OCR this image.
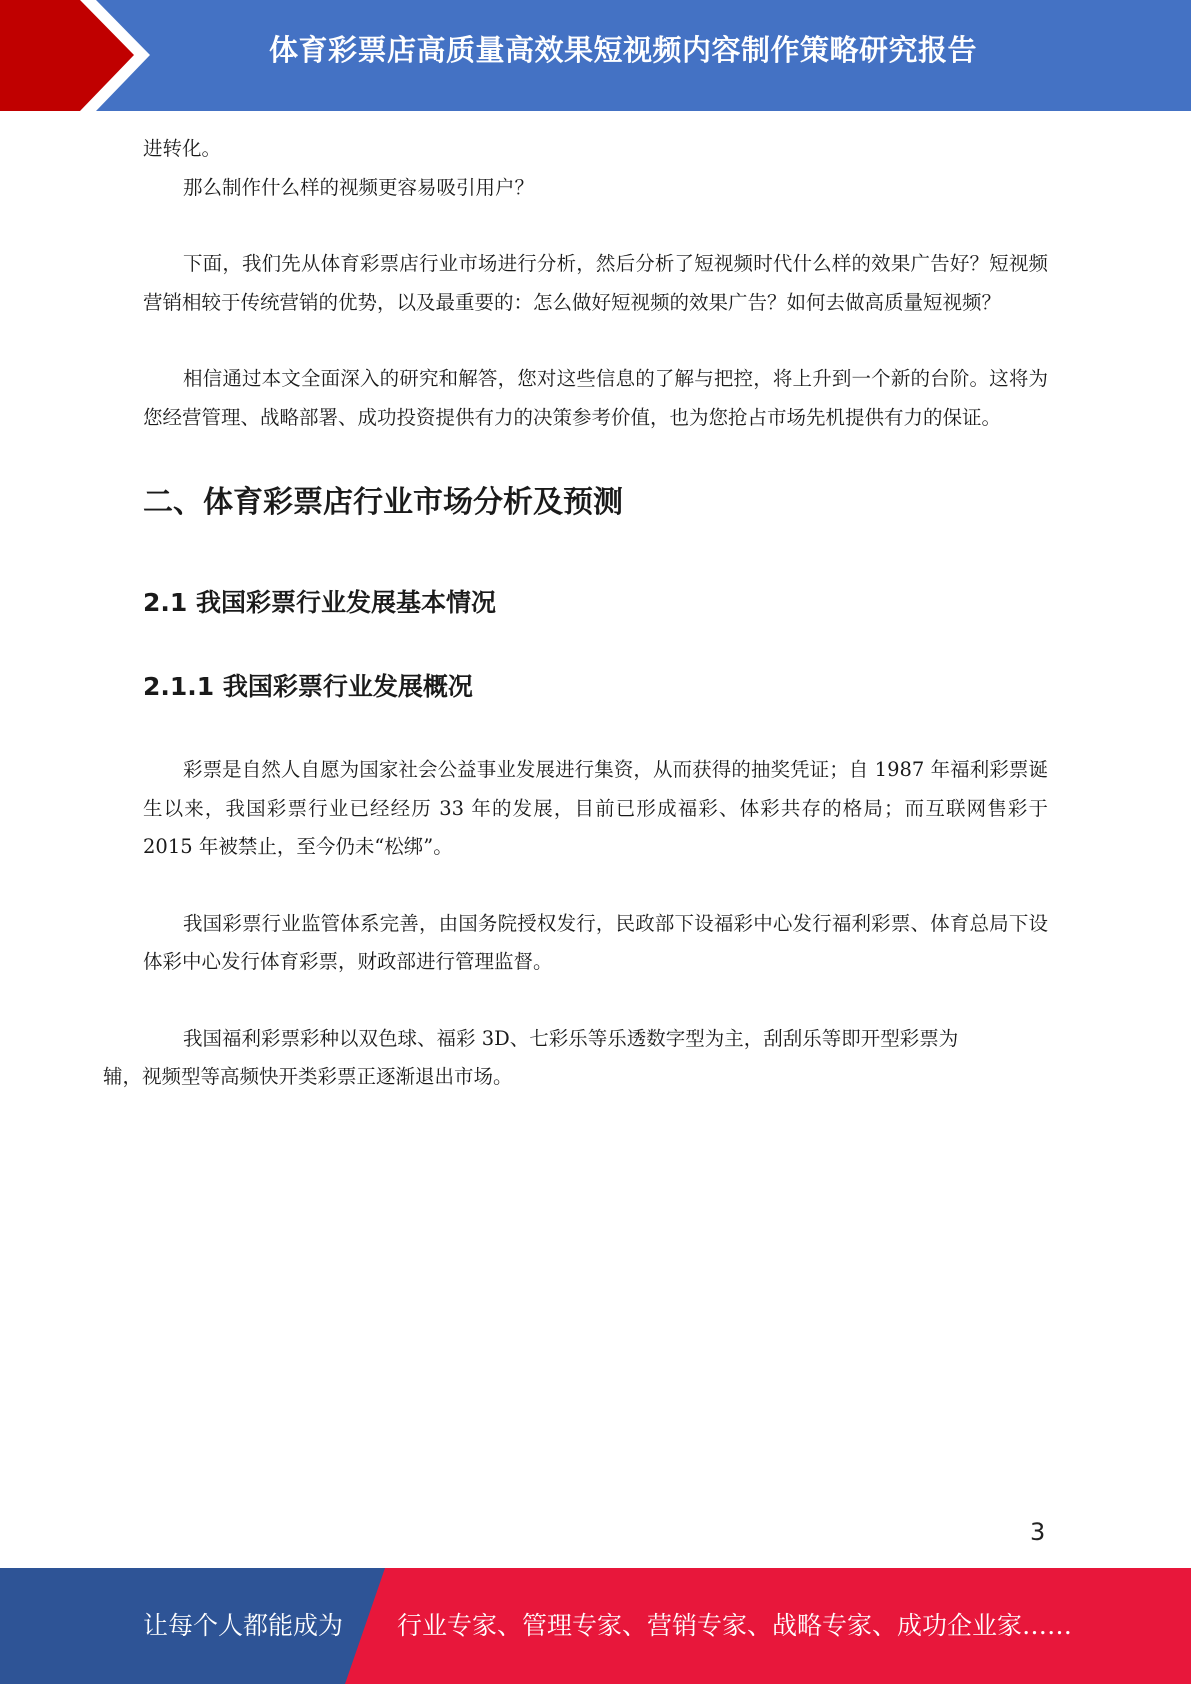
体育彩票店高质量高效果短视频内容制作策略研究报告

进转化。

那么制作什么样的视频更容易吸引用户？

下面，我们先从体育彩票店行业市场进行分析，然后分析了短视频时代什么样的效果广告好？短视频营销相较于传统营销的优势，以及最重要的：怎么做好短视频的效果广告？如何去做高质量短视频？

相信通过本文全面深入的研究和解答，您对这些信息的了解与把控，将上升到一个新的台阶。这将为您经营管理、战略部署、成功投资提供有力的决策参考价值，也为您抢占市场先机提供有力的保证。

二、体育彩票店行业市场分析及预测
2.1 我国彩票行业发展基本情况
2.1.1 我国彩票行业发展概况

彩票是自然人自愿为国家社会公益事业发展进行集资，从而获得的抽奖凭证；自 1987 年福利彩票诞生以来，我国彩票行业已经经历 33 年的发展，目前已形成福彩、体彩共存的格局；而互联网售彩于 2015 年被禁止，至今仍未“松绑”。

我国彩票行业监管体系完善，由国务院授权发行，民政部下设福彩中心发行福利彩票、体育总局下设体彩中心发行体育彩票，财政部进行管理监督。

我国福利彩票彩种以双色球、福彩 3D、七彩乐等乐透数字型为主，刮刮乐等即开型彩票为
辅，视频型等高频快开类彩票正逐渐退出市场。

3
让每个人都能成为 行业专家、管理专家、营销专家、战略专家、成功企业家……
